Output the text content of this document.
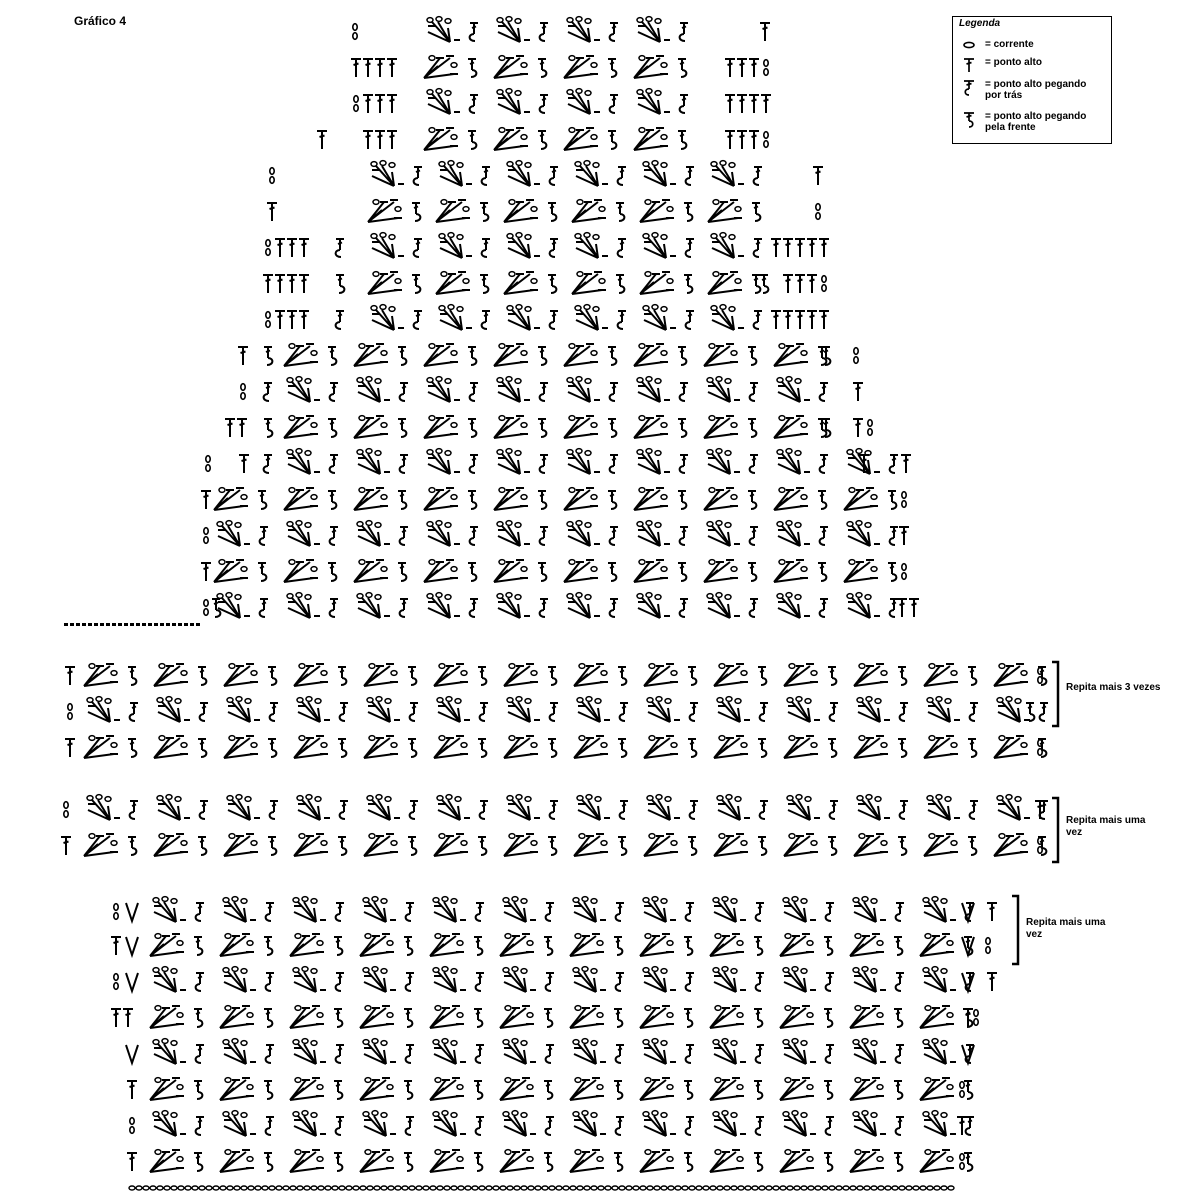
Gráfico 4	Legenda
= corrente
= ponto alto
= ponto alto pegando por trás
= ponto alto pegando pela frente
Repita mais 3 vezes
Repita mais uma vez
Repita mais uma vez
